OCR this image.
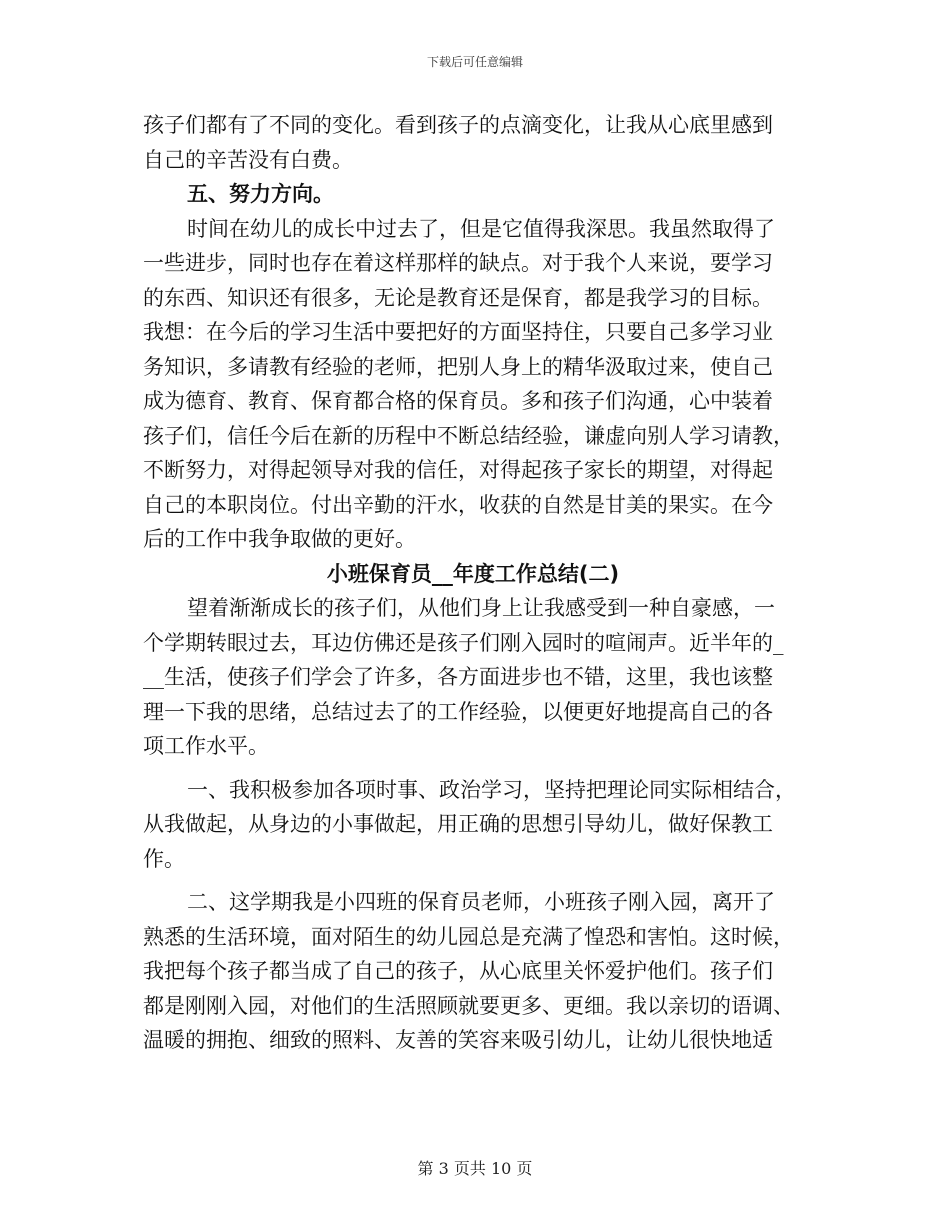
下载后可任意编辑
孩子们都有了不同的变化。看到孩子的点滴变化，让我从心底里感到
自己的辛苦没有白费。
五、努力方向。
时间在幼儿的成长中过去了，但是它值得我深思。我虽然取得了
一些进步，同时也存在着这样那样的缺点。对于我个人来说，要学习
的东西、知识还有很多，无论是教育还是保育，都是我学习的目标。
我想：在今后的学习生活中要把好的方面坚持住，只要自己多学习业
务知识，多请教有经验的老师，把别人身上的精华汲取过来，使自己
成为德育、教育、保育都合格的保育员。多和孩子们沟通，心中装着
孩子们，信任今后在新的历程中不断总结经验，谦虚向别人学习请教，
不断努力，对得起领导对我的信任，对得起孩子家长的期望，对得起
自己的本职岗位。付出辛勤的汗水，收获的自然是甘美的果实。在今
后的工作中我争取做的更好。
小班保育员__年度工作总结(二)
望着渐渐成长的孩子们，从他们身上让我感受到一种自豪感，一
个学期转眼过去，耳边仿佛还是孩子们刚入园时的喧闹声。近半年的_
__生活，使孩子们学会了许多，各方面进步也不错，这里，我也该整
理一下我的思绪，总结过去了的工作经验，以便更好地提高自己的各
项工作水平。
一、我积极参加各项时事、政治学习，坚持把理论同实际相结合，
从我做起，从身边的小事做起，用正确的思想引导幼儿，做好保教工
作。
二、这学期我是小四班的保育员老师，小班孩子刚入园，离开了
熟悉的生活环境，面对陌生的幼儿园总是充满了惶恐和害怕。这时候，
我把每个孩子都当成了自己的孩子，从心底里关怀爱护他们。孩子们
都是刚刚入园，对他们的生活照顾就要更多、更细。我以亲切的语调、
温暖的拥抱、细致的照料、友善的笑容来吸引幼儿，让幼儿很快地适
第 3 页共 10 页
